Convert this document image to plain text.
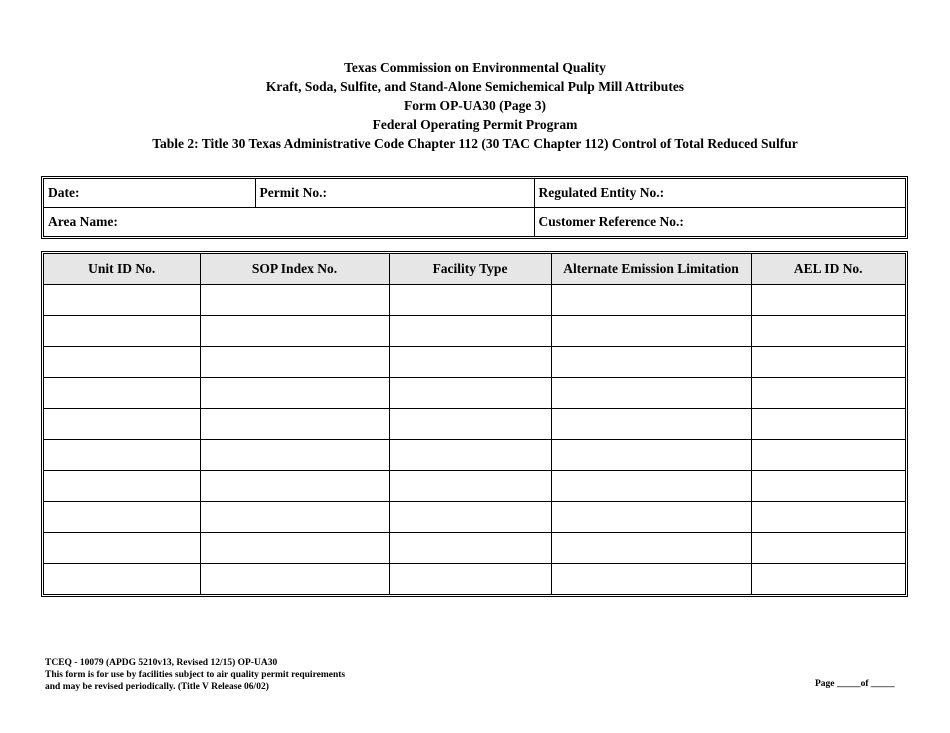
Texas Commission on Environmental Quality
Kraft, Soda, Sulfite, and Stand-Alone Semichemical Pulp Mill Attributes
Form OP-UA30 (Page 3)
Federal Operating Permit Program
Table 2: Title 30 Texas Administrative Code Chapter 112 (30 TAC Chapter 112) Control of Total Reduced Sulfur
Date:	Permit No.:	Regulated Entity No.:
Area Name:		Customer Reference No.:
Unit ID No.	SOP Index No.	Facility Type	Alternate Emission Limitation	AEL ID No.

TCEQ - 10079 (APDG 5210v13, Revised 12/15) OP-UA30
This form is for use by facilities subject to air quality permit requirements
and may be revised periodically. (Title V Release 06/02)	Page _____of _____
